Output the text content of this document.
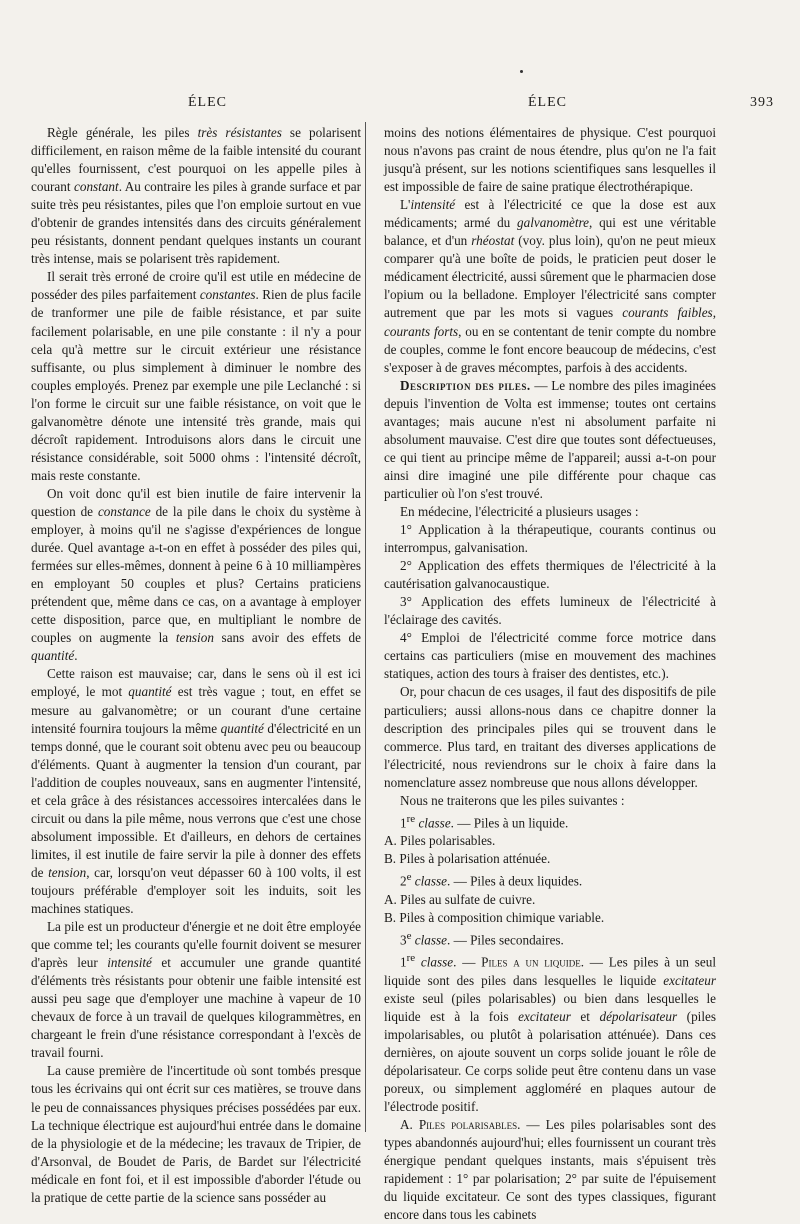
ÉLEC	ÉLEC	393

Règle générale, les piles très résistantes se polarisent difficilement, en raison même de la faible intensité du courant qu'elles fournissent, c'est pourquoi on les appelle piles à courant constant. Au contraire les piles à grande surface et par suite très peu résistantes, piles que l'on emploie surtout en vue d'obtenir de grandes intensités dans des circuits généralement peu résistants, donnent pendant quelques instants un courant très intense, mais se polarisent très rapidement.

Il serait très erroné de croire qu'il est utile en médecine de posséder des piles parfaitement constantes. Rien de plus facile de tranformer une pile de faible résistance, et par suite facilement polarisable, en une pile constante : il n'y a pour cela qu'à mettre sur le circuit extérieur une résistance suffisante, ou plus simplement à diminuer le nombre des couples employés. Prenez par exemple une pile Leclanché : si l'on forme le circuit sur une faible résistance, on voit que le galvanomètre dénote une intensité très grande, mais qui décroît rapidement. Introduisons alors dans le circuit une résistance considérable, soit 5000 ohms : l'intensité décroît, mais reste constante.

On voit donc qu'il est bien inutile de faire intervenir la question de constance de la pile dans le choix du système à employer, à moins qu'il ne s'agisse d'expériences de longue durée. Quel avantage a-t-on en effet à posséder des piles qui, fermées sur elles-mêmes, donnent à peine 6 à 10 milliampères en employant 50 couples et plus? Certains praticiens prétendent que, même dans ce cas, on a avantage à employer cette disposition, parce que, en multipliant le nombre de couples on augmente la tension sans avoir des effets de quantité.

Cette raison est mauvaise; car, dans le sens où il est ici employé, le mot quantité est très vague ; tout, en effet se mesure au galvanomètre; or un courant d'une certaine intensité fournira toujours la même quantité d'électricité en un temps donné, que le courant soit obtenu avec peu ou beaucoup d'éléments. Quant à augmenter la tension d'un courant, par l'addition de couples nouveaux, sans en augmenter l'intensité, et cela grâce à des résistances accessoires intercalées dans le circuit ou dans la pile même, nous verrons que c'est une chose absolument impossible. Et d'ailleurs, en dehors de certaines limites, il est inutile de faire servir la pile à donner des effets de tension, car, lorsqu'on veut dépasser 60 à 100 volts, il est toujours préférable d'employer soit les induits, soit les machines statiques.

La pile est un producteur d'énergie et ne doit être employée que comme tel; les courants qu'elle fournit doivent se mesurer d'après leur intensité et accumuler une grande quantité d'éléments très résistants pour obtenir une faible intensité est aussi peu sage que d'employer une machine à vapeur de 10 chevaux de force à un travail de quelques kilogrammètres, en chargeant le frein d'une résistance correspondant à l'excès de travail fourni.

La cause première de l'incertitude où sont tombés presque tous les écrivains qui ont écrit sur ces matières, se trouve dans le peu de connaissances physiques précises possédées par eux. La technique électrique est aujourd'hui entrée dans le domaine de la physiologie et de la médecine; les travaux de Tripier, de d'Arsonval, de Boudet de Paris, de Bardet sur l'électricité médicale en font foi, et il est impossible d'aborder l'étude ou la pratique de cette partie de la science sans posséder au

moins des notions élémentaires de physique. C'est pourquoi nous n'avons pas craint de nous étendre, plus qu'on ne l'a fait jusqu'à présent, sur les notions scientifiques sans lesquelles il est impossible de faire de saine pratique électrothérapique.

L'intensité est à l'électricité ce que la dose est aux médicaments; armé du galvanomètre, qui est une véritable balance, et d'un rhéostat (voy. plus loin), qu'on ne peut mieux comparer qu'à une boîte de poids, le praticien peut doser le médicament électricité, aussi sûrement que le pharmacien dose l'opium ou la belladone. Employer l'électricité sans compter autrement que par les mots si vagues courants faibles, courants forts, ou en se contentant de tenir compte du nombre de couples, comme le font encore beaucoup de médecins, c'est s'exposer à de graves mécomptes, parfois à des accidents.

Description des piles. — Le nombre des piles imaginées depuis l'invention de Volta est immense; toutes ont certains avantages; mais aucune n'est ni absolument parfaite ni absolument mauvaise. C'est dire que toutes sont défectueuses, ce qui tient au principe même de l'appareil; aussi a-t-on pour ainsi dire imaginé une pile différente pour chaque cas particulier où l'on s'est trouvé.

En médecine, l'électricité a plusieurs usages :

1° Application à la thérapeutique, courants continus ou interrompus, galvanisation.

2° Application des effets thermiques de l'électricité à la cautérisation galvanocaustique.

3° Application des effets lumineux de l'électricité à l'éclairage des cavités.

4° Emploi de l'électricité comme force motrice dans certains cas particuliers (mise en mouvement des machines statiques, action des tours à fraiser des dentistes, etc.).

Or, pour chacun de ces usages, il faut des dispositifs de pile particuliers; aussi allons-nous dans ce chapitre donner la description des principales piles qui se trouvent dans le commerce. Plus tard, en traitant des diverses applications de l'électricité, nous reviendrons sur le choix à faire dans la nomenclature assez nombreuse que nous allons développer.

Nous ne traiterons que les piles suivantes :

1re classe. — Piles à un liquide.

A. Piles polarisables.

B. Piles à polarisation atténuée.

2e classe. — Piles à deux liquides.

A. Piles au sulfate de cuivre.

B. Piles à composition chimique variable.

3e classe. — Piles secondaires.

1re classe. — Piles a un liquide. — Les piles à un seul liquide sont des piles dans lesquelles le liquide excitateur existe seul (piles polarisables) ou bien dans lesquelles le liquide est à la fois excitateur et dépolarisateur (piles impolarisables, ou plutôt à polarisation atténuée). Dans ces dernières, on ajoute souvent un corps solide jouant le rôle de dépolarisateur. Ce corps solide peut être contenu dans un vase poreux, ou simplement aggloméré en plaques autour de l'électrode positif.

A. Piles polarisables. — Les piles polarisables sont des types abandonnés aujourd'hui; elles fournissent un courant très énergique pendant quelques instants, mais s'épuisent très rapidement : 1° par polarisation; 2° par suite de l'épuisement du liquide excitateur. Ce sont des types classiques, figurant encore dans tous les cabinets
